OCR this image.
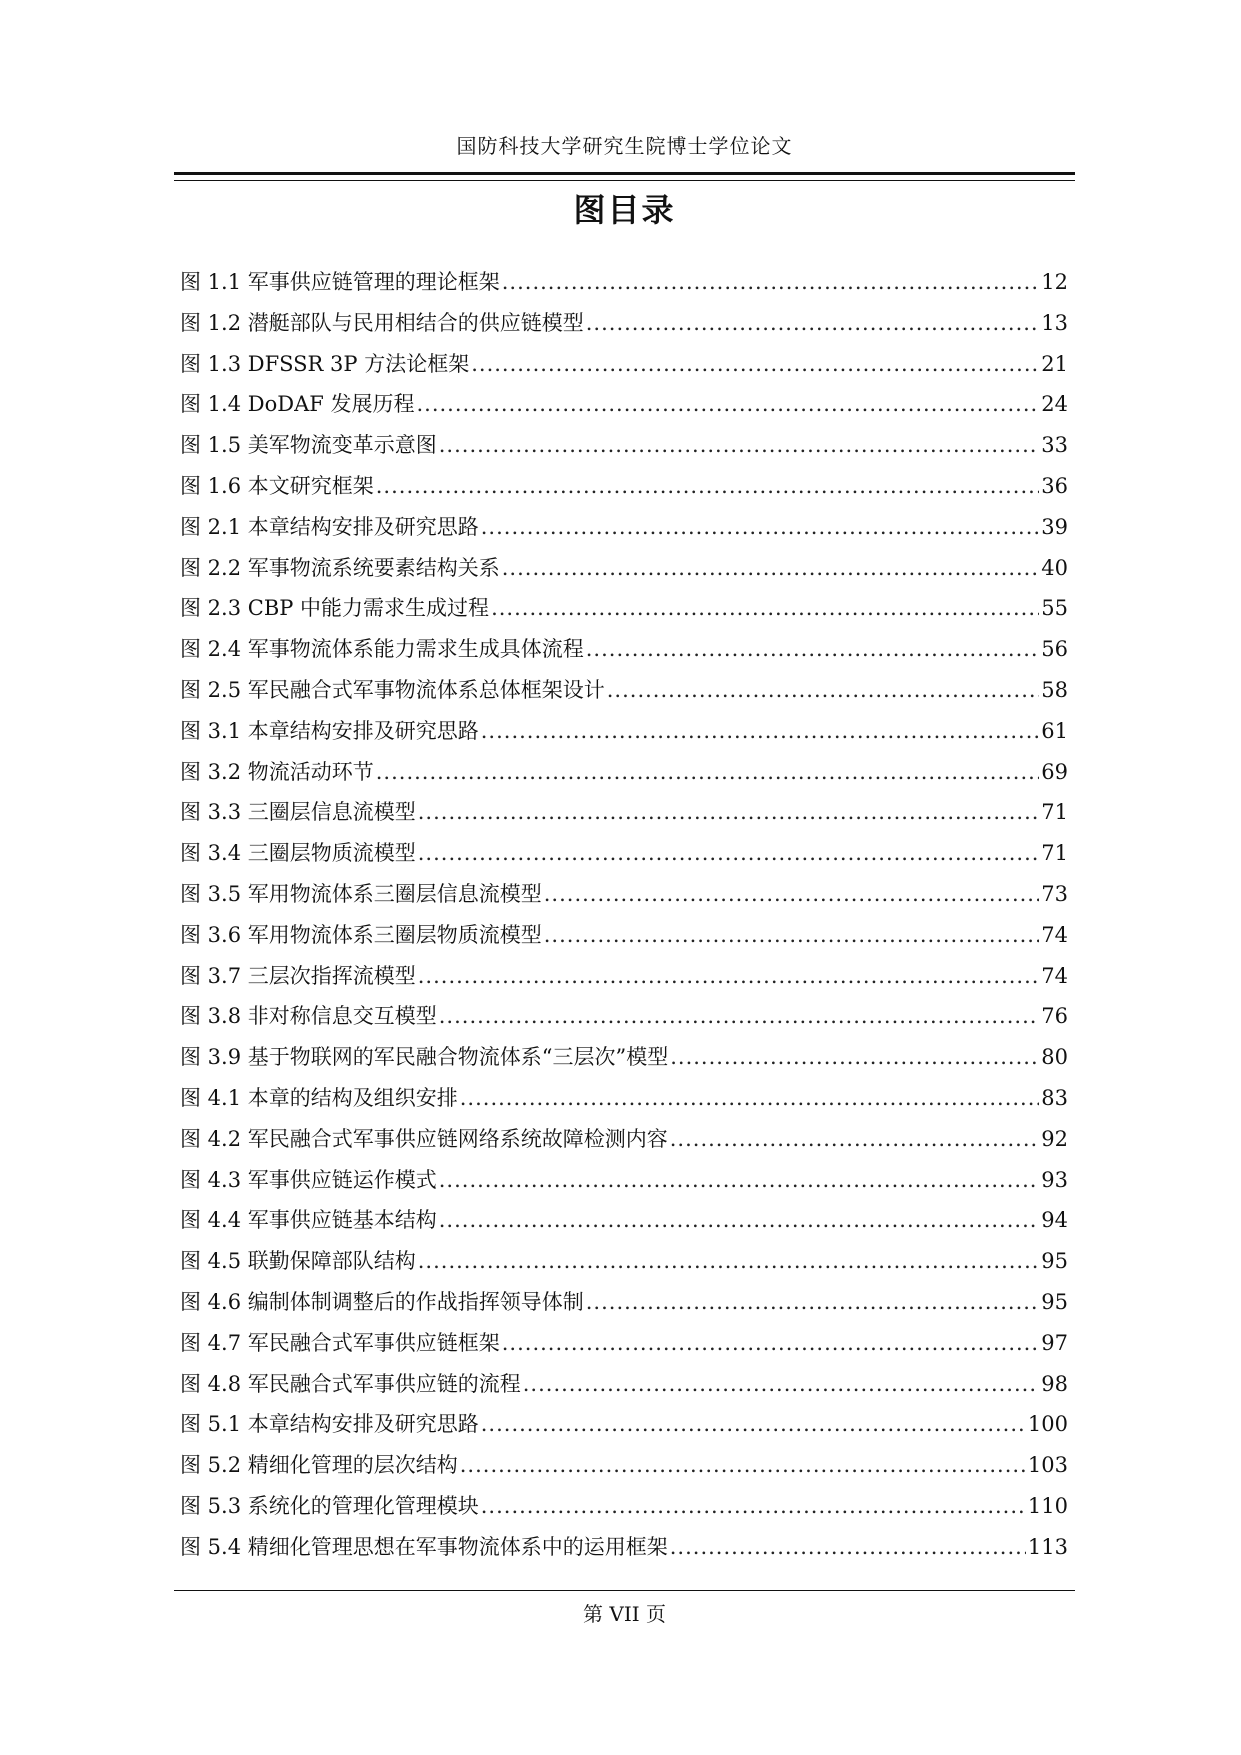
国防科技大学研究生院博士学位论文
图目录
图 1.1 军事供应链管理的理论框架 .....	12
图 1.2 潜艇部队与民用相结合的供应链模型 .....	13
图 1.3 DFSSR 3P 方法论框架 .....	21
图 1.4 DoDAF 发展历程 .....	24
图 1.5 美军物流变革示意图 .....	33
图 1.6 本文研究框架 .....	36
图 2.1 本章结构安排及研究思路 .....	39
图 2.2 军事物流系统要素结构关系 .....	40
图 2.3 CBP 中能力需求生成过程 .....	55
图 2.4 军事物流体系能力需求生成具体流程 .....	56
图 2.5 军民融合式军事物流体系总体框架设计 .....	58
图 3.1 本章结构安排及研究思路 .....	61
图 3.2 物流活动环节 .....	69
图 3.3 三圈层信息流模型 .....	71
图 3.4 三圈层物质流模型 .....	71
图 3.5 军用物流体系三圈层信息流模型 .....	73
图 3.6 军用物流体系三圈层物质流模型 .....	74
图 3.7 三层次指挥流模型 .....	74
图 3.8 非对称信息交互模型 .....	76
图 3.9 基于物联网的军民融合物流体系“三层次”模型 .....	80
图 4.1 本章的结构及组织安排 .....	83
图 4.2 军民融合式军事供应链网络系统故障检测内容 .....	92
图 4.3 军事供应链运作模式 .....	93
图 4.4 军事供应链基本结构 .....	94
图 4.5 联勤保障部队结构 .....	95
图 4.6 编制体制调整后的作战指挥领导体制 .....	95
图 4.7 军民融合式军事供应链框架 .....	97
图 4.8 军民融合式军事供应链的流程 .....	98
图 5.1 本章结构安排及研究思路 .....	100
图 5.2 精细化管理的层次结构 .....	103
图 5.3 系统化的管理化管理模块 .....	110
图 5.4 精细化管理思想在军事物流体系中的运用框架 .....	113
第 VII 页
